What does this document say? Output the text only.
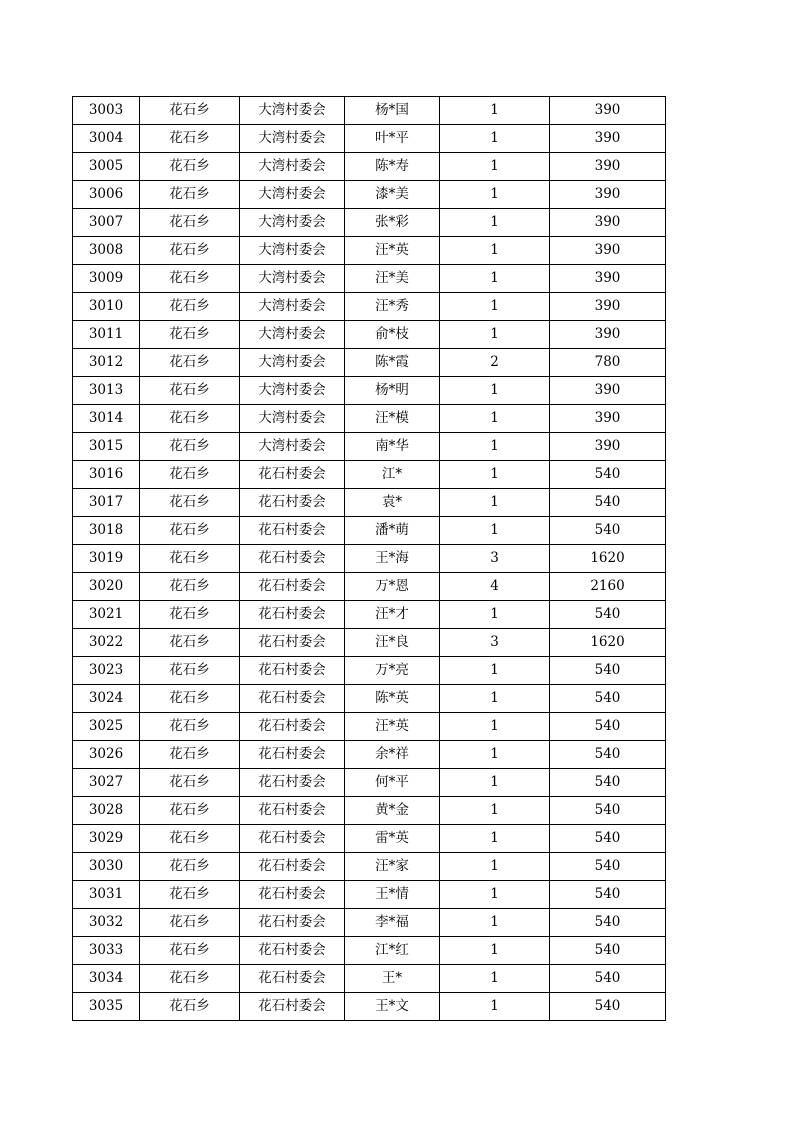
3003	花石乡	大湾村委会	杨*国	1	390
3004	花石乡	大湾村委会	叶*平	1	390
3005	花石乡	大湾村委会	陈*寿	1	390
3006	花石乡	大湾村委会	漆*美	1	390
3007	花石乡	大湾村委会	张*彩	1	390
3008	花石乡	大湾村委会	汪*英	1	390
3009	花石乡	大湾村委会	汪*美	1	390
3010	花石乡	大湾村委会	汪*秀	1	390
3011	花石乡	大湾村委会	俞*枝	1	390
3012	花石乡	大湾村委会	陈*霞	2	780
3013	花石乡	大湾村委会	杨*明	1	390
3014	花石乡	大湾村委会	汪*模	1	390
3015	花石乡	大湾村委会	南*华	1	390
3016	花石乡	花石村委会	江*	1	540
3017	花石乡	花石村委会	袁*	1	540
3018	花石乡	花石村委会	潘*萌	1	540
3019	花石乡	花石村委会	王*海	3	1620
3020	花石乡	花石村委会	万*恩	4	2160
3021	花石乡	花石村委会	汪*才	1	540
3022	花石乡	花石村委会	汪*良	3	1620
3023	花石乡	花石村委会	万*亮	1	540
3024	花石乡	花石村委会	陈*英	1	540
3025	花石乡	花石村委会	汪*英	1	540
3026	花石乡	花石村委会	余*祥	1	540
3027	花石乡	花石村委会	何*平	1	540
3028	花石乡	花石村委会	黄*金	1	540
3029	花石乡	花石村委会	雷*英	1	540
3030	花石乡	花石村委会	汪*家	1	540
3031	花石乡	花石村委会	王*情	1	540
3032	花石乡	花石村委会	李*福	1	540
3033	花石乡	花石村委会	江*红	1	540
3034	花石乡	花石村委会	王*	1	540
3035	花石乡	花石村委会	王*文	1	540
